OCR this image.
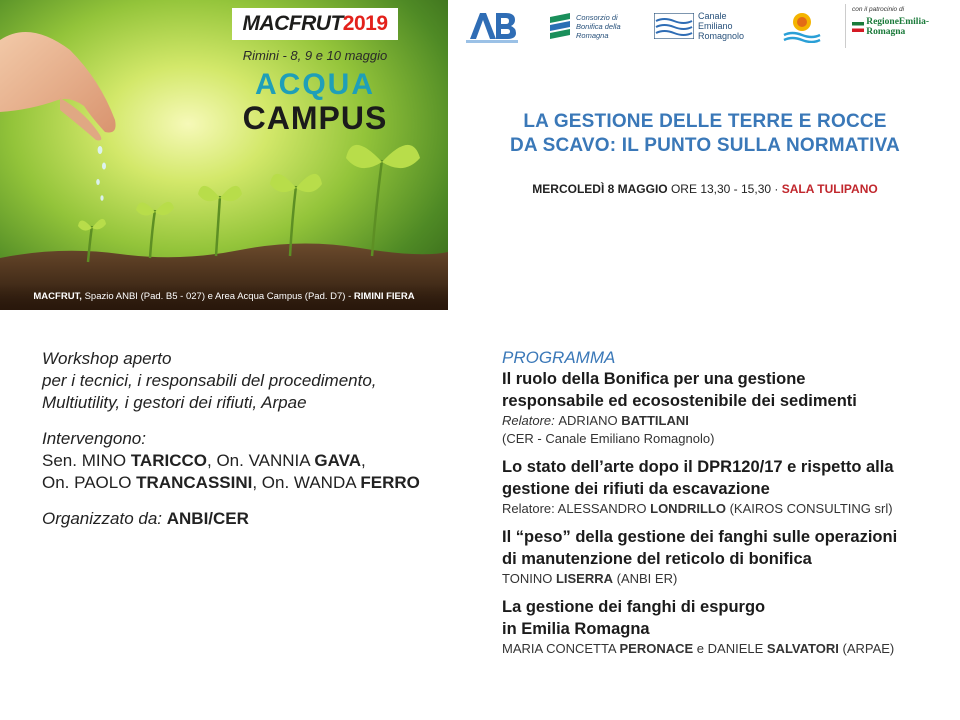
MACFRUT 2019
Rimini - 8, 9 e 10 maggio
ACQUA
CAMPUS
MACFRUT, Spazio ANBI (Pad. B5 - 027) e Area Acqua Campus (Pad. D7) - RIMINI FIERA
Consorzio di
Bonifica della
Romagna
Canale
Emiliano
Romagnolo
con il patrocinio di
RegioneEmilia-Romagna
LA GESTIONE DELLE TERRE E ROCCE
DA SCAVO: IL PUNTO SULLA NORMATIVA
MERCOLEDÌ 8 MAGGIO ORE 13,30 - 15,30 · SALA TULIPANO
Workshop aperto
per i tecnici, i responsabili del procedimento,
Multiutility, i gestori dei rifiuti, Arpae
Intervengono:
Sen. MINO TARICCO, On. VANNIA GAVA,
On. PAOLO TRANCASSINI, On. WANDA FERRO
Organizzato da: ANBI/CER
PROGRAMMA
Il ruolo della Bonifica per una gestione
responsabile ed ecosostenibile dei sedimenti
Relatore: ADRIANO BATTILANI
(CER - Canale Emiliano Romagnolo)
Lo stato dell’arte dopo il DPR120/17 e rispetto alla
gestione dei rifiuti da escavazione
Relatore: ALESSANDRO LONDRILLO (KAIROS CONSULTING srl)
Il “peso” della gestione dei fanghi sulle operazioni
di manutenzione del reticolo di bonifica
TONINO LISERRA (ANBI ER)
La gestione dei fanghi di espurgo
in Emilia Romagna
MARIA CONCETTA PERONACE e DANIELE SALVATORI (ARPAE)
